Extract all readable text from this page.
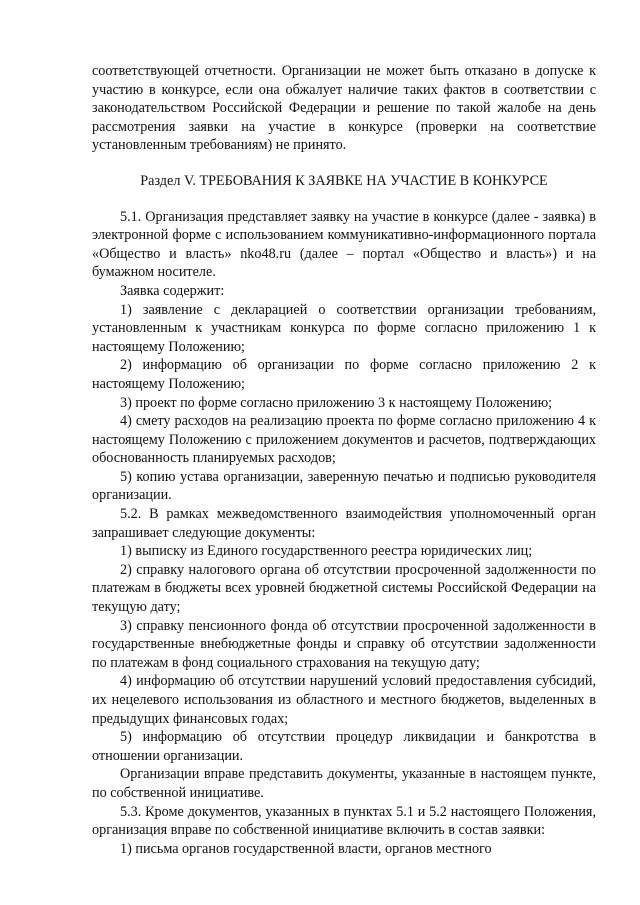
соответствующей отчетности. Организации не может быть отказано в допуске к участию в конкурсе, если она обжалует наличие таких фактов в соответствии с законодательством Российской Федерации и решение по такой жалобе на день рассмотрения заявки на участие в конкурсе (проверки на соответствие установленным требованиям) не принято.

Раздел V. ТРЕБОВАНИЯ К ЗАЯВКЕ НА УЧАСТИЕ В КОНКУРСЕ

5.1. Организация представляет заявку на участие в конкурсе (далее - заявка) в электронной форме с использованием коммуникативно-информационного портала «Общество и власть» nko48.ru (далее – портал «Общество и власть») и на бумажном носителе.

Заявка содержит:

1) заявление с декларацией о соответствии организации требованиям, установленным к участникам конкурса по форме согласно приложению 1 к настоящему Положению;

2) информацию об организации по форме согласно приложению 2 к настоящему Положению;

3) проект по форме согласно приложению 3 к настоящему Положению;

4) смету расходов на реализацию проекта по форме согласно приложению 4 к настоящему Положению с приложением документов и расчетов, подтверждающих обоснованность планируемых расходов;

5) копию устава организации, заверенную печатью и подписью руководителя организации.

5.2. В рамках межведомственного взаимодействия уполномоченный орган запрашивает следующие документы:

1) выписку из Единого государственного реестра юридических лиц;

2) справку налогового органа об отсутствии просроченной задолженности по платежам в бюджеты всех уровней бюджетной системы Российской Федерации на текущую дату;

3) справку пенсионного фонда об отсутствии просроченной задолженности в государственные внебюджетные фонды и справку об отсутствии задолженности по платежам в фонд социального страхования на текущую дату;

4) информацию об отсутствии нарушений условий предоставления субсидий, их нецелевого использования из областного и местного бюджетов, выделенных в предыдущих финансовых годах;

5) информацию об отсутствии процедур ликвидации и банкротства в отношении организации.

Организации вправе представить документы, указанные в настоящем пункте, по собственной инициативе.

5.3. Кроме документов, указанных в пунктах 5.1 и 5.2 настоящего Положения, организация вправе по собственной инициативе включить в состав заявки:

1) письма органов государственной власти, органов местного
